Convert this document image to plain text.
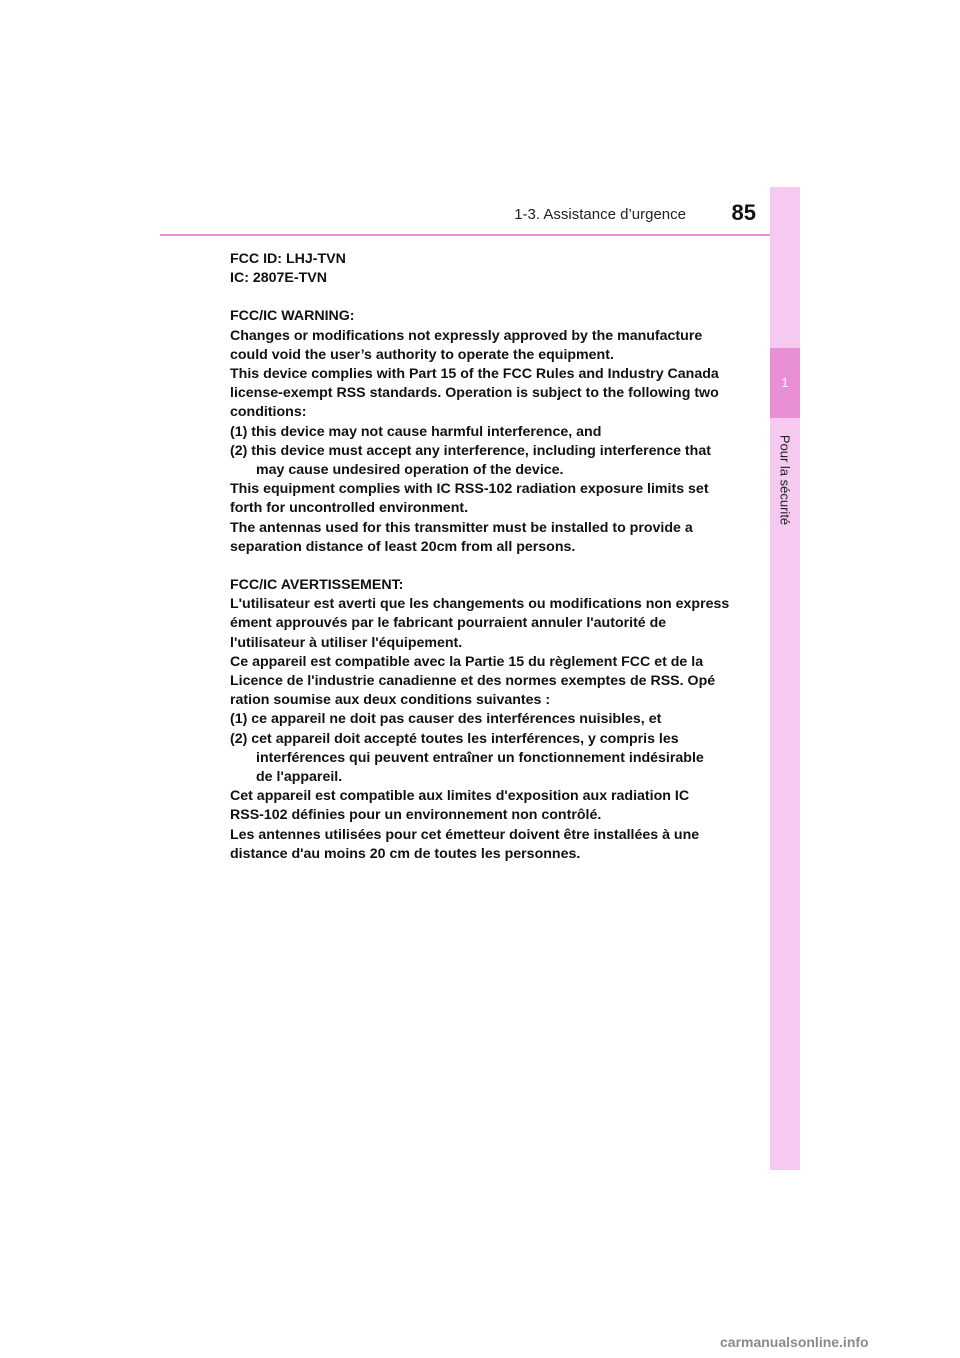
1-3. Assistance d’urgence	85
1
Pour la sécurité

FCC ID: LHJ-TVN

IC: 2807E-TVN

FCC/IC WARNING:

Changes or modifications not expressly approved by the manufacture

could void the user’s authority to operate the equipment.

This device complies with Part 15 of the FCC Rules and Industry Canada

license-exempt RSS standards. Operation is subject to the following two

conditions:

(1) this device may not cause harmful interference, and

(2) this device must accept any interference, including interference that

may cause undesired operation of the device.

This equipment complies with IC RSS-102 radiation exposure limits set

forth for uncontrolled environment.

The antennas used for this transmitter must be installed to provide a

separation distance of least 20cm from all persons.

FCC/IC AVERTISSEMENT:

L'utilisateur est averti que les changements ou modifications non express

ément approuvés par le fabricant pourraient annuler l'autorité de

l'utilisateur à utiliser l'équipement.

Ce appareil est compatible avec la Partie 15 du règlement FCC et de la

Licence de l'industrie canadienne et des normes exemptes de RSS. Opé

ration soumise aux deux conditions suivantes :

(1) ce appareil ne doit pas causer des interférences nuisibles, et

(2) cet appareil doit accepté toutes les interférences, y compris les

interférences qui peuvent entraîner un fonctionnement indésirable

de l'appareil.

Cet appareil est compatible aux limites d'exposition aux radiation IC

RSS-102 définies pour un environnement non contrôlé.

Les antennes utilisées pour cet émetteur doivent être installées à une

distance d'au moins 20 cm de toutes les personnes.

carmanualsonline.info
